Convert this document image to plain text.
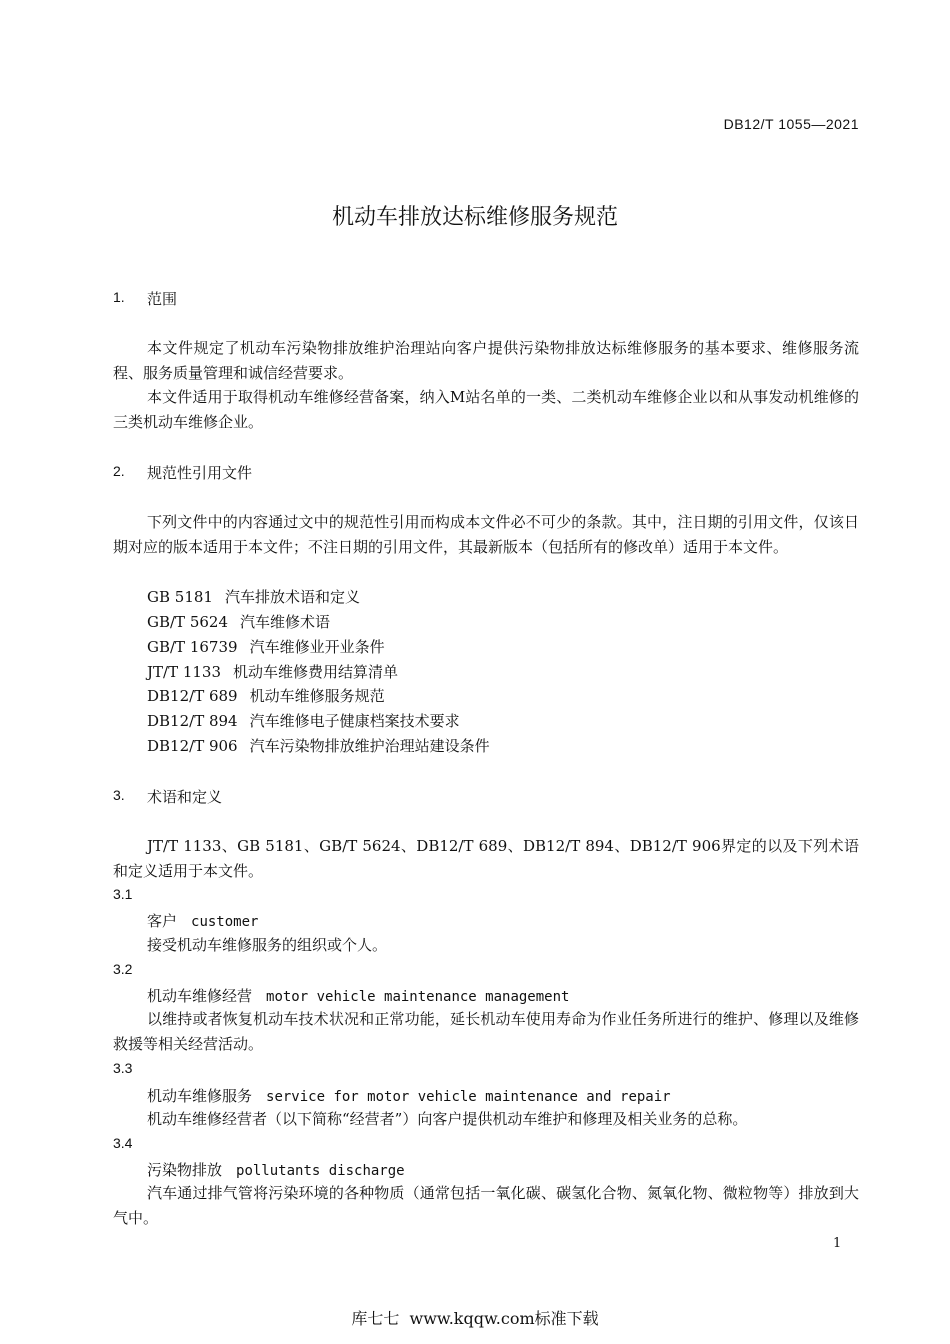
DB12/T 1055—2021
机动车排放达标维修服务规范
1. 范围

本文件规定了机动车污染物排放维护治理站向客户提供污染物排放达标维修服务的基本要求、维修服务流程、服务质量管理和诚信经营要求。

本文件适用于取得机动车维修经营备案，纳入M站名单的一类、二类机动车维修企业以和从事发动机维修的三类机动车维修企业。

2. 规范性引用文件

下列文件中的内容通过文中的规范性引用而构成本文件必不可少的条款。其中，注日期的引用文件，仅该日期对应的版本适用于本文件；不注日期的引用文件，其最新版本（包括所有的修改单）适用于本文件。

GB 5181 汽车排放术语和定义
GB/T 5624 汽车维修术语
GB/T 16739 汽车维修业开业条件
JT/T 1133 机动车维修费用结算清单
DB12/T 689 机动车维修服务规范
DB12/T 894 汽车维修电子健康档案技术要求
DB12/T 906 汽车污染物排放维护治理站建设条件
3. 术语和定义

JT/T 1133、GB 5181、GB/T 5624、DB12/T 689、DB12/T 894、DB12/T 906界定的以及下列术语和定义适用于本文件。

3.1
客户 customer

接受机动车维修服务的组织或个人。

3.2
机动车维修经营 motor vehicle maintenance management

以维持或者恢复机动车技术状况和正常功能，延长机动车使用寿命为作业任务所进行的维护、修理以及维修救援等相关经营活动。

3.3
机动车维修服务 service for motor vehicle maintenance and repair

机动车维修经营者（以下简称“经营者”）向客户提供机动车维护和修理及相关业务的总称。

3.4
污染物排放 pollutants discharge

汽车通过排气管将污染环境的各种物质（通常包括一氧化碳、碳氢化合物、氮氧化物、微粒物等）排放到大气中。

1
库七七  www.kqqw.com标准下载
